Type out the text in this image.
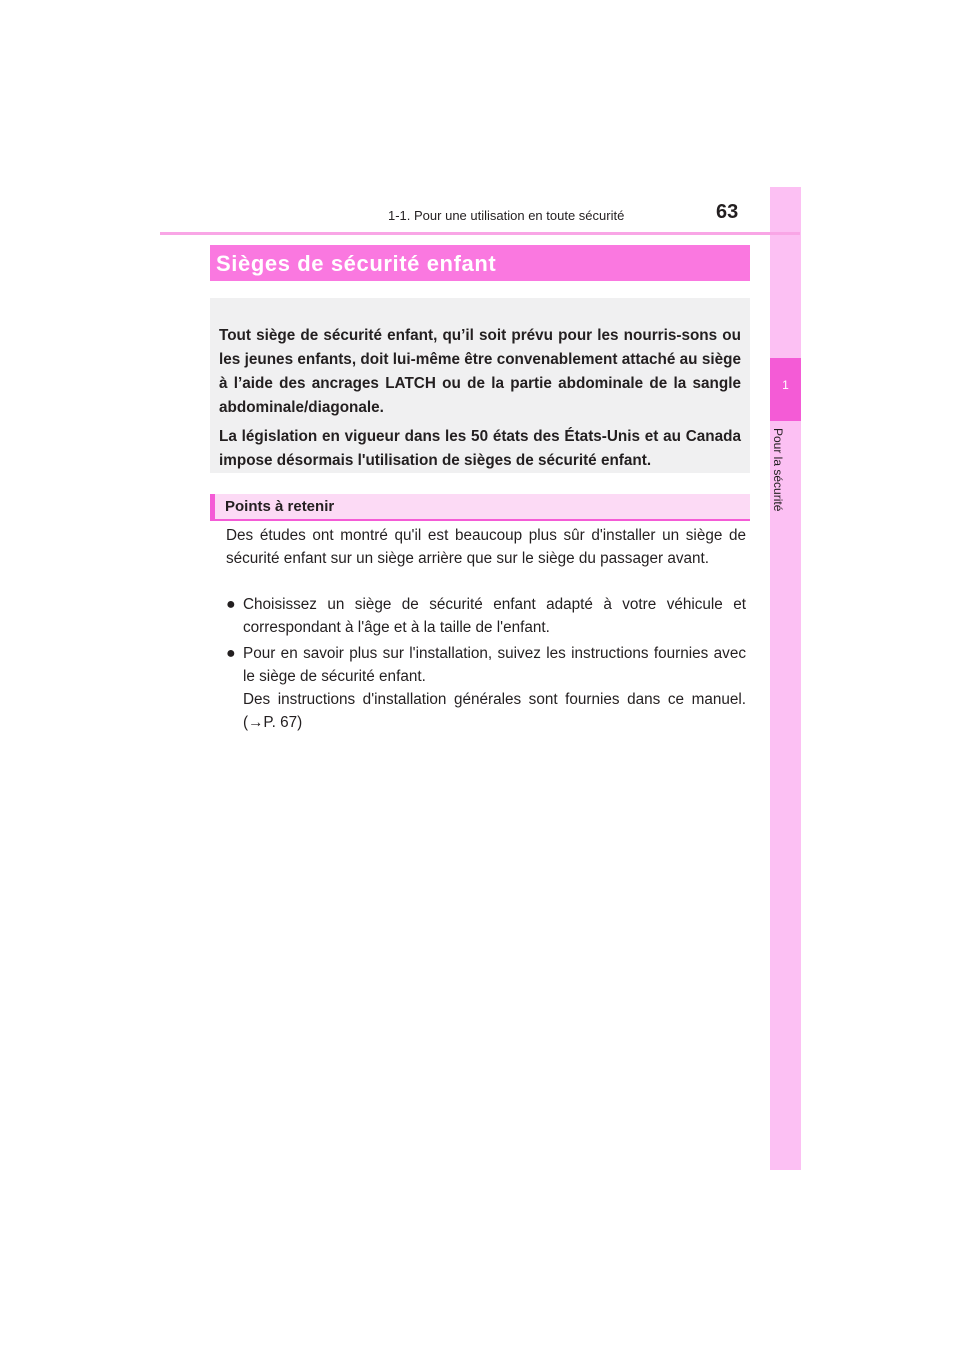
1
Pour la sécurité
1-1. Pour une utilisation en toute sécurité	63
Sièges de sécurité enfant

Tout siège de sécurité enfant, qu’il soit prévu pour les nourris-sons ou les jeunes enfants, doit lui-même être convenablement attaché au siège à l’aide des ancrages LATCH ou de la partie abdominale de la sangle abdominale/diagonale.

La législation en vigueur dans les 50 états des États-Unis et au Canada impose désormais l'utilisation de sièges de sécurité enfant.

Points à retenir

Des études ont montré qu'il est beaucoup plus sûr d'installer un siège de sécurité enfant sur un siège arrière que sur le siège du passager avant.

● Choisissez un siège de sécurité enfant adapté à votre véhicule et correspondant à l'âge et à la taille de l'enfant.

● Pour en savoir plus sur l'installation, suivez les instructions fournies avec le siège de sécurité enfant.

Des instructions d'installation générales sont fournies dans ce manuel. (→P. 67)
